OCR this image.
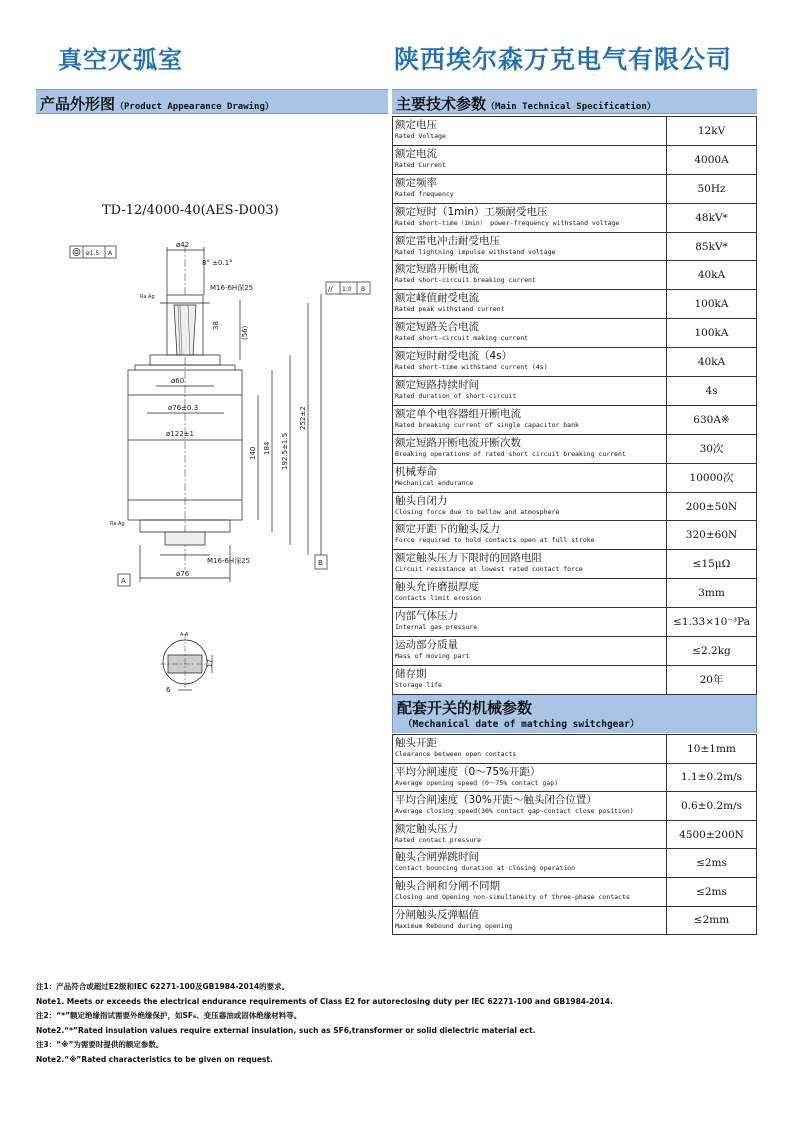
真空灭弧室	陕西埃尔森万克电气有限公司
产品外形图（Product Appearance Drawing）	主要技术参数（Main Technical Specification）
TD-12/4000-40(AES-D003)
ø1.5 A
// 1.0 B
ø42
8° ±0.1°
M16-6H深25
Ra.Ag
38
(56)
ø60
ø76±0.3
ø122±1
Ra.Ag
M16-6H深25
ø76
A
B
140 184 192.5±1.5
252±2
A-A
17
6
额定电压
Rated Voltage	12kV

额定电流
Rated Current	4000A

额定频率
Rated frequency	50Hz

额定短时（1min）工频耐受电压
Rated short-time（1min） power-frequency withstand voltage	48kV*

额定雷电冲击耐受电压
Rated lightning impulse withstand voltage	85kV*

额定短路开断电流
Rated short-circuit breaking current	40kA

额定峰值耐受电流
Rated peak withstand current	100kA

额定短路关合电流
Rated short-circuit making current	100kA

额定短时耐受电流（4s）
Rated short-time withstand current (4s)	40kA

额定短路持续时间
Rated duration of short-circuit	4s

额定单个电容器组开断电流
Rated breaking current of single capacitor bank	630A※

额定短路开断电流开断次数
Breaking operations of rated short circuit breaking current	30次

机械寿命
Mechanical endurance	10000次

触头自闭力
Closing force due to bellow and atmosphere	200±50N

额定开距下的触头反力
Force required to hold contacts open at full stroke	320±60N

额定触头压力下限时的回路电阻
Circuit resistance at lowest rated contact force	≤15μΩ

触头允许磨损厚度
Contacts limit erosion	3mm

内部气体压力
Internal gas pressure	≤1.33×10⁻³Pa

运动部分质量
Mass of moving part	≤2.2kg

储存期
Storage life	20年
配套开关的机械参数
（Mechanical date of matching switchgear）
触头开距
Clearance between open contacts	10±1mm

平均分闸速度（0～75%开距）
Average opening speed (0～75% contact gap)	1.1±0.2m/s

平均合闸速度（30%开距～触头闭合位置）
Average closing speed(30% contact gap~contact close position)	0.6±0.2m/s

额定触头压力
Rated contact pressure	4500±200N

触头合闸弹跳时间
Contact bouncing duration at closing operation	≤2ms

触头合闸和分闸不同期
Closing and Opening non-simultaneity of three-phase contacts	≤2ms

分闸触头反弹幅值
Maximum Rebound during opening	≤2mm
注1：产品符合或超过E2级和IEC 62271-100及GB1984-2014的要求。
Note1. Meets or exceeds the electrical endurance requirements of Class E2 for autoreclosing duty per IEC 62271-100 and GB1984-2014.
注2：“*”额定绝缘指试需要外绝缘保护，如SF₆、变压器油或固体绝缘材料等。
Note2.“*”Rated insulation values require external insulation, such as SF6,transformer or solid dielectric material ect.
注3：“※”为需要时提供的额定参数。
Note2.“※”Rated characteristics to be given on request.
